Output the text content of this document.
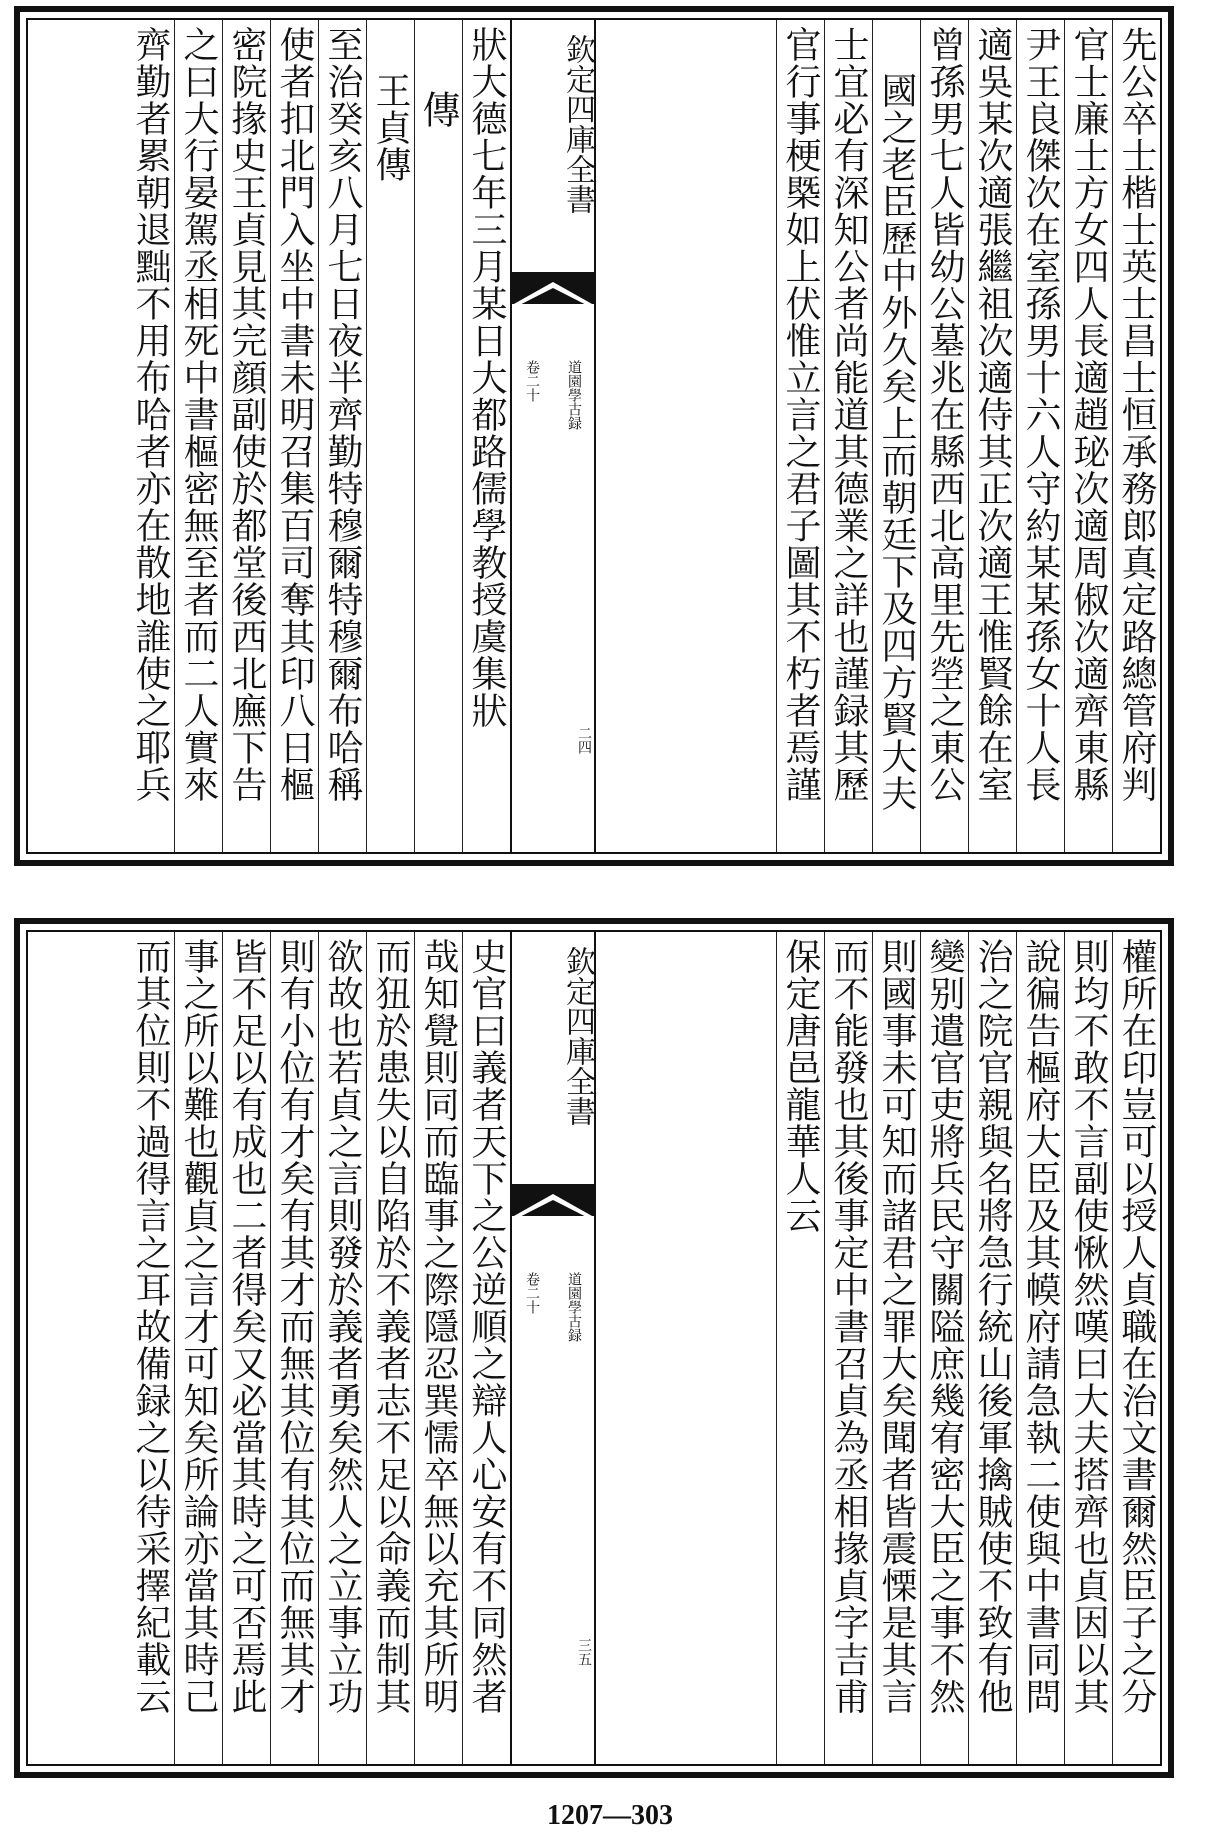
先公卒士楷士英士昌士恒承務郎真定路總管府判
官士廉士方女四人長適趙珌次適周俶次適齊東縣
尹王良傑次在室孫男十六人守約某某孫女十人長
適吳某次適張繼祖次適侍其正次適王惟賢餘在室
曾孫男七人皆幼公墓兆在縣西北高里先塋之東公
國之老臣歷中外久矣上而朝廷下及四方賢大夫
士宜必有深知公者尚能道其德業之詳也謹録其歷
官行事梗槩如上伏惟立言之君子圖其不朽者焉謹
欽定四庫全書
道園學古録
卷二十
二四
狀大德七年三月某日大都路儒學教授虞集狀
傳
王貞傳
至治癸亥八月七日夜半齊勤特穆爾特穆爾布哈稱
使者扣北門入坐中書未明召集百司奪其印八日樞
密院掾史王貞見其完顔副使於都堂後西北廡下告
之曰大行晏駕丞相死中書樞密無至者而二人實來
齊勤者累朝退黜不用布哈者亦在散地誰使之耶兵
權所在印豈可以授人貞職在治文書爾然臣子之分
則均不敢不言副使愀然嘆曰大夫搭齊也貞因以其
說徧告樞府大臣及其幙府請急執二使與中書同問
治之院官親與名將急行統山後軍擒賊使不致有他
變别遣官吏將兵民守關隘庶幾宥密大臣之事不然
則國事未可知而諸君之罪大矣聞者皆震慄是其言
而不能發也其後事定中書召貞為丞相掾貞字吉甫
保定唐邑龍華人云
欽定四庫全書
道園學古録
卷二十
三五
史官曰義者天下之公逆順之辯人心安有不同然者
哉知覺則同而臨事之際隱忍巽懦卒無以充其所明
而狃於患失以自陷於不義者志不足以命義而制其
欲故也若貞之言則發於義者勇矣然人之立事立功
則有小位有才矣有其才而無其位有其位而無其才
皆不足以有成也二者得矣又必當其時之可否焉此
事之所以難也觀貞之言才可知矣所論亦當其時己
而其位則不過得言之耳故備録之以待采擇紀載云
1207—303
